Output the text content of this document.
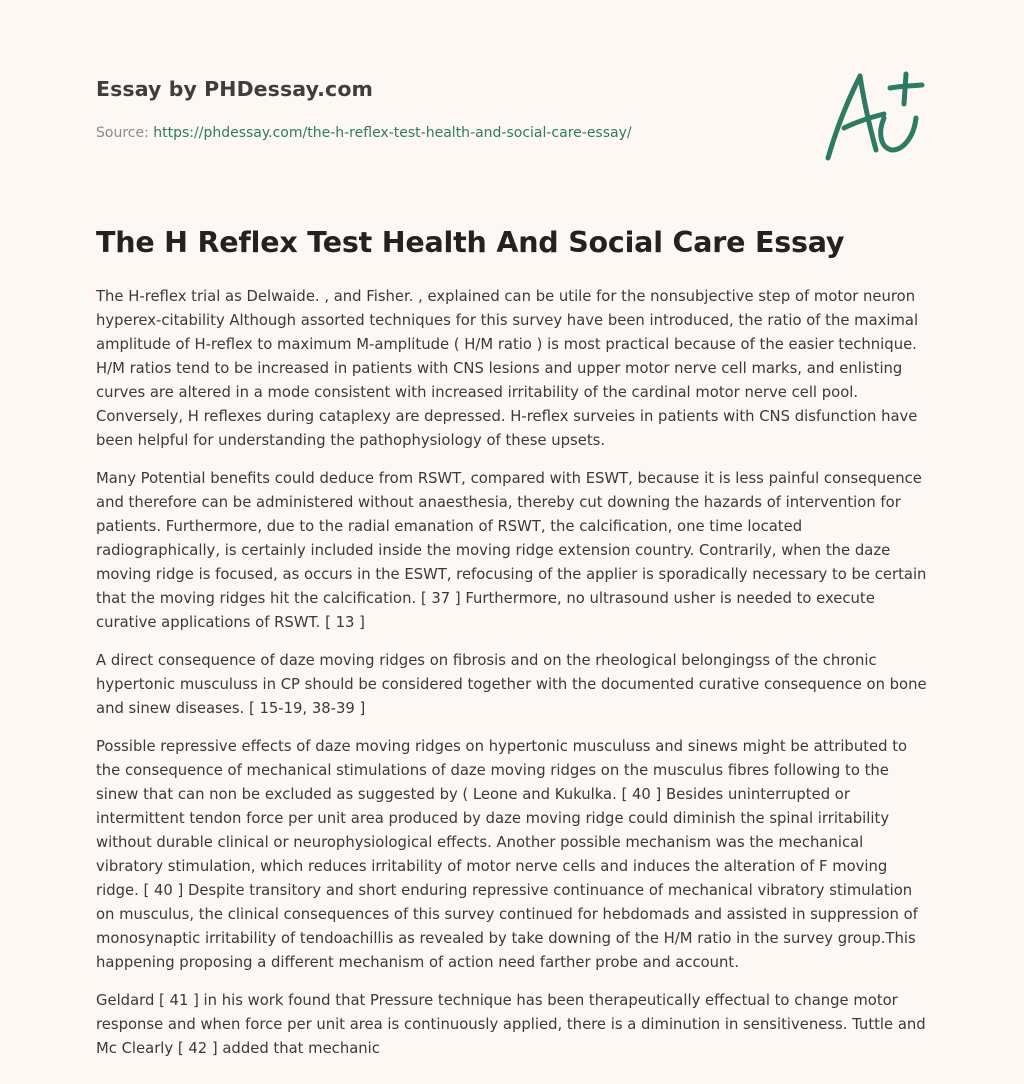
Essay by PHDessay.com
Source: https://phdessay.com/the-h-reflex-test-health-and-social-care-essay/
The H Reflex Test Health And Social Care Essay

The H-reflex trial as Delwaide. , and Fisher. , explained can be utile for the nonsubjective step of motor neuron hyperex-citability Although assorted techniques for this survey have been introduced, the ratio of the maximal amplitude of H-reflex to maximum M-amplitude ( H/M ratio ) is most practical because of the easier technique. H/M ratios tend to be increased in patients with CNS lesions and upper motor nerve cell marks, and enlisting curves are altered in a mode consistent with increased irritability of the cardinal motor nerve cell pool. Conversely, H reflexes during cataplexy are depressed. H-reflex surveies in patients with CNS disfunction have been helpful for understanding the pathophysiology of these upsets.

Many Potential benefits could deduce from RSWT, compared with ESWT, because it is less painful consequence and therefore can be administered without anaesthesia, thereby cut downing the hazards of intervention for patients. Furthermore, due to the radial emanation of RSWT, the calcification, one time located radiographically, is certainly included inside the moving ridge extension country. Contrarily, when the daze moving ridge is focused, as occurs in the ESWT, refocusing of the applier is sporadically necessary to be certain that the moving ridges hit the calcification. [ 37 ] Furthermore, no ultrasound usher is needed to execute curative applications of RSWT. [ 13 ]

A direct consequence of daze moving ridges on fibrosis and on the rheological belongingss of the chronic hypertonic musculuss in CP should be considered together with the documented curative consequence on bone and sinew diseases. [ 15-19, 38-39 ]

Possible repressive effects of daze moving ridges on hypertonic musculuss and sinews might be attributed to the consequence of mechanical stimulations of daze moving ridges on the musculus fibres following to the sinew that can non be excluded as suggested by ( Leone and Kukulka. [ 40 ] Besides uninterrupted or intermittent tendon force per unit area produced by daze moving ridge could diminish the spinal irritability without durable clinical or neurophysiological effects. Another possible mechanism was the mechanical vibratory stimulation, which reduces irritability of motor nerve cells and induces the alteration of F moving ridge. [ 40 ] Despite transitory and short enduring repressive continuance of mechanical vibratory stimulation on musculus, the clinical consequences of this survey continued for hebdomads and assisted in suppression of monosynaptic irritability of tendoachillis as revealed by take downing of the H/M ratio in the survey group.This happening proposing a different mechanism of action need farther probe and account.

Geldard [ 41 ] in his work found that Pressure technique has been therapeutically effectual to change motor response and when force per unit area is continuously applied, there is a diminution in sensitiveness. Tuttle and Mc Clearly [ 42 ] added that mechanic
